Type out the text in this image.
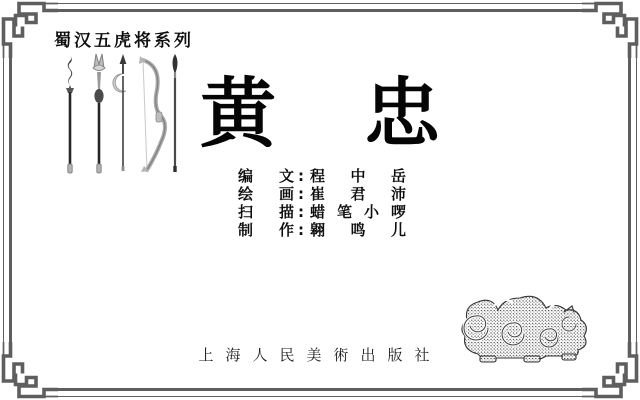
蜀汉五虎将系列
黄 忠
编 文 : 程 中 岳
绘 画 : 崔 君 沛
扫 描 : 蜡 笔 小 啰
制 作 : 翱 鸣 儿
上海人民美術出版社
